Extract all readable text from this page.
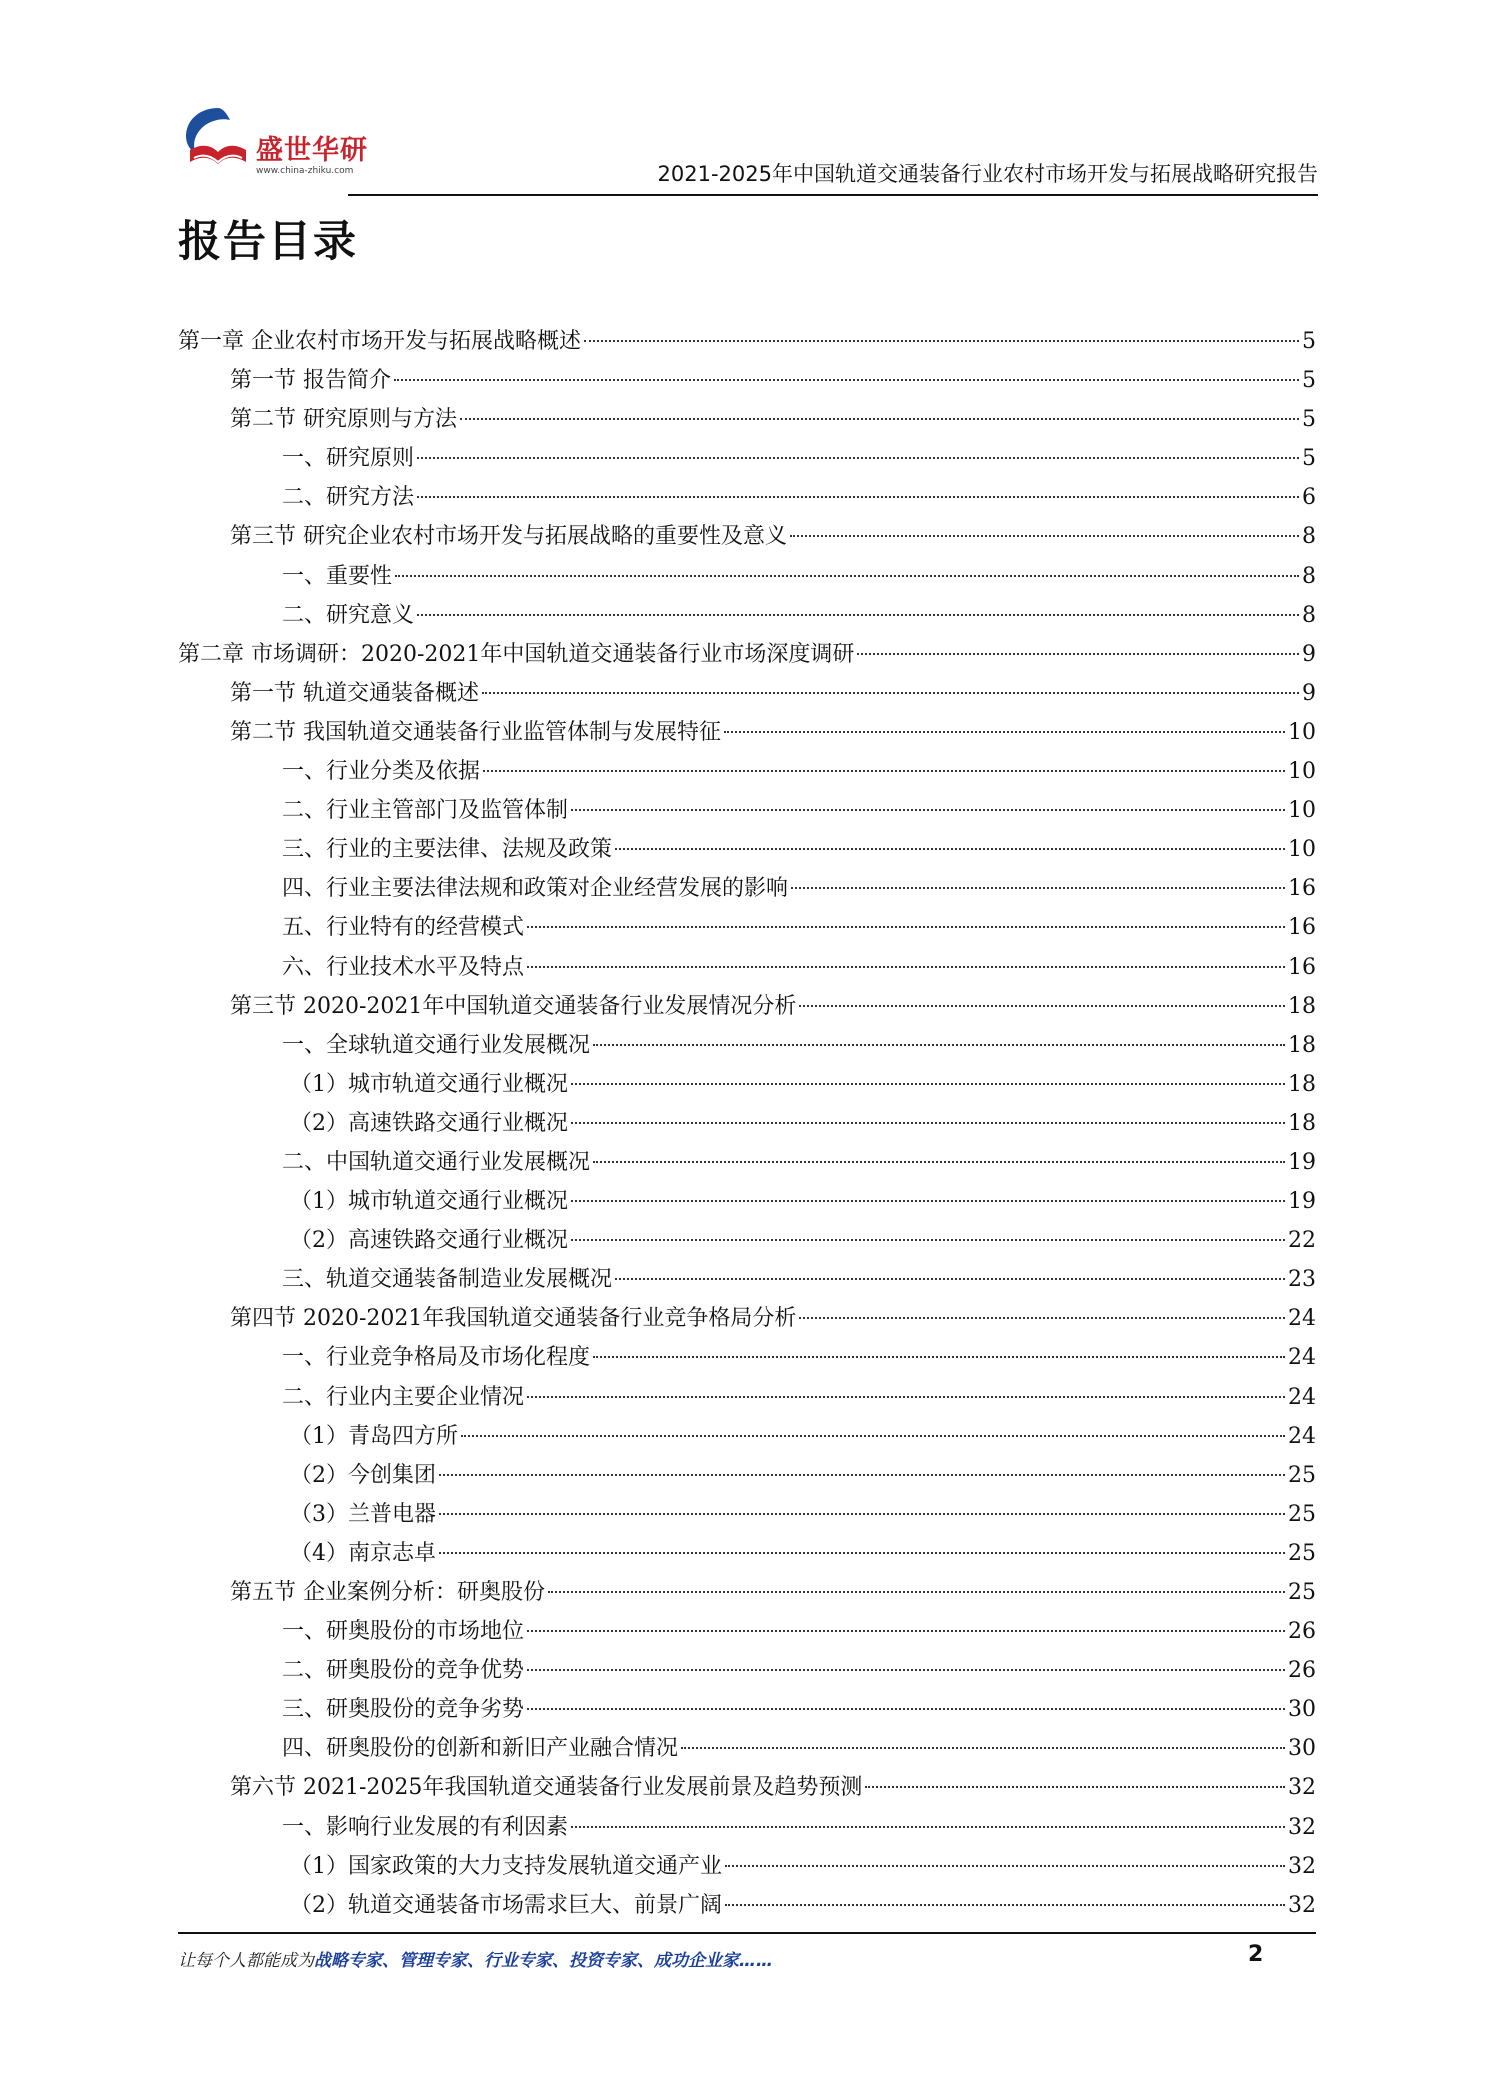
盛世华研
www.china-zhiku.com	2021-2025年中国轨道交通装备行业农村市场开发与拓展战略研究报告
报告目录
第一章 企业农村市场开发与拓展战略概述	5
第一节 报告简介	5
第二节 研究原则与方法	5
一、研究原则	5
二、研究方法	6
第三节 研究企业农村市场开发与拓展战略的重要性及意义	8
一、重要性	8
二、研究意义	8
第二章 市场调研：2020-2021年中国轨道交通装备行业市场深度调研	9
第一节 轨道交通装备概述	9
第二节 我国轨道交通装备行业监管体制与发展特征	10
一、行业分类及依据	10
二、行业主管部门及监管体制	10
三、行业的主要法律、法规及政策	10
四、行业主要法律法规和政策对企业经营发展的影响	16
五、行业特有的经营模式	16
六、行业技术水平及特点	16
第三节 2020-2021年中国轨道交通装备行业发展情况分析	18
一、全球轨道交通行业发展概况	18
（1）城市轨道交通行业概况	18
（2）高速铁路交通行业概况	18
二、中国轨道交通行业发展概况	19
（1）城市轨道交通行业概况	19
（2）高速铁路交通行业概况	22
三、轨道交通装备制造业发展概况	23
第四节 2020-2021年我国轨道交通装备行业竞争格局分析	24
一、行业竞争格局及市场化程度	24
二、行业内主要企业情况	24
（1）青岛四方所	24
（2）今创集团	25
（3）兰普电器	25
（4）南京志卓	25
第五节 企业案例分析：研奥股份	25
一、研奥股份的市场地位	26
二、研奥股份的竞争优势	26
三、研奥股份的竞争劣势	30
四、研奥股份的创新和新旧产业融合情况	30
第六节 2021-2025年我国轨道交通装备行业发展前景及趋势预测	32
一、影响行业发展的有利因素	32
（1）国家政策的大力支持发展轨道交通产业	32
（2）轨道交通装备市场需求巨大、前景广阔	32
让每个人都能成为战略专家、管理专家、行业专家、投资专家、成功企业家……	2
